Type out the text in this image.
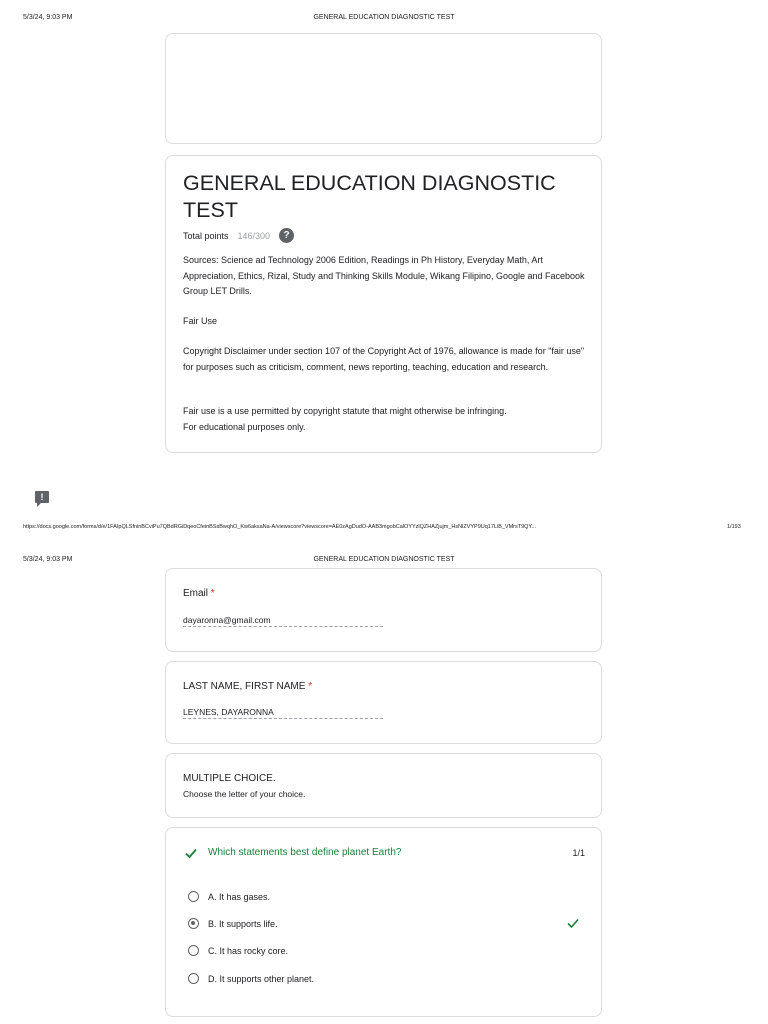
5/3/24, 9:03 PM	GENERAL EDUCATION DIAGNOSTIC TEST
GENERAL EDUCATION DIAGNOSTIC TEST
Total points 146/300	?
Sources: Science ad Technology 2006 Edition, Readings in Ph History, Everyday Math, Art Appreciation, Ethics, Rizal, Study and Thinking Skills Module, Wikang Filipino, Google and Facebook Group LET Drills.
Fair Use
Copyright Disclaimer under section 107 of the Copyright Act of 1976, allowance is made for "fair use" for purposes such as criticism, comment, news reporting, teaching, education and research.
Fair use is a use permitted by copyright statute that might otherwise be infringing.
For educational purposes only.
!
https://docs.google.com/forms/d/e/1FAIpQLSfninBCviPu7QBdRGiDqeoCfeinBSsBwqhO_Kw6aksaNa-A/viewscore?viewscore=AE0zAgDudO-AAB3mgobCalOYYzlQZHAZjujm_HsNlZVYP9Uq17LiB_VMrsT9QY...	1/193
5/3/24, 9:03 PM	GENERAL EDUCATION DIAGNOSTIC TEST
Email *
dayaronna@gmail.com
LAST NAME, FIRST NAME *
LEYNES, DAYARONNA
MULTIPLE CHOICE.
Choose the letter of your choice.
Which statements best define planet Earth?	1/1
A. It has gases.
B. It supports life.
C. It has rocky core.
D. It supports other planet.
